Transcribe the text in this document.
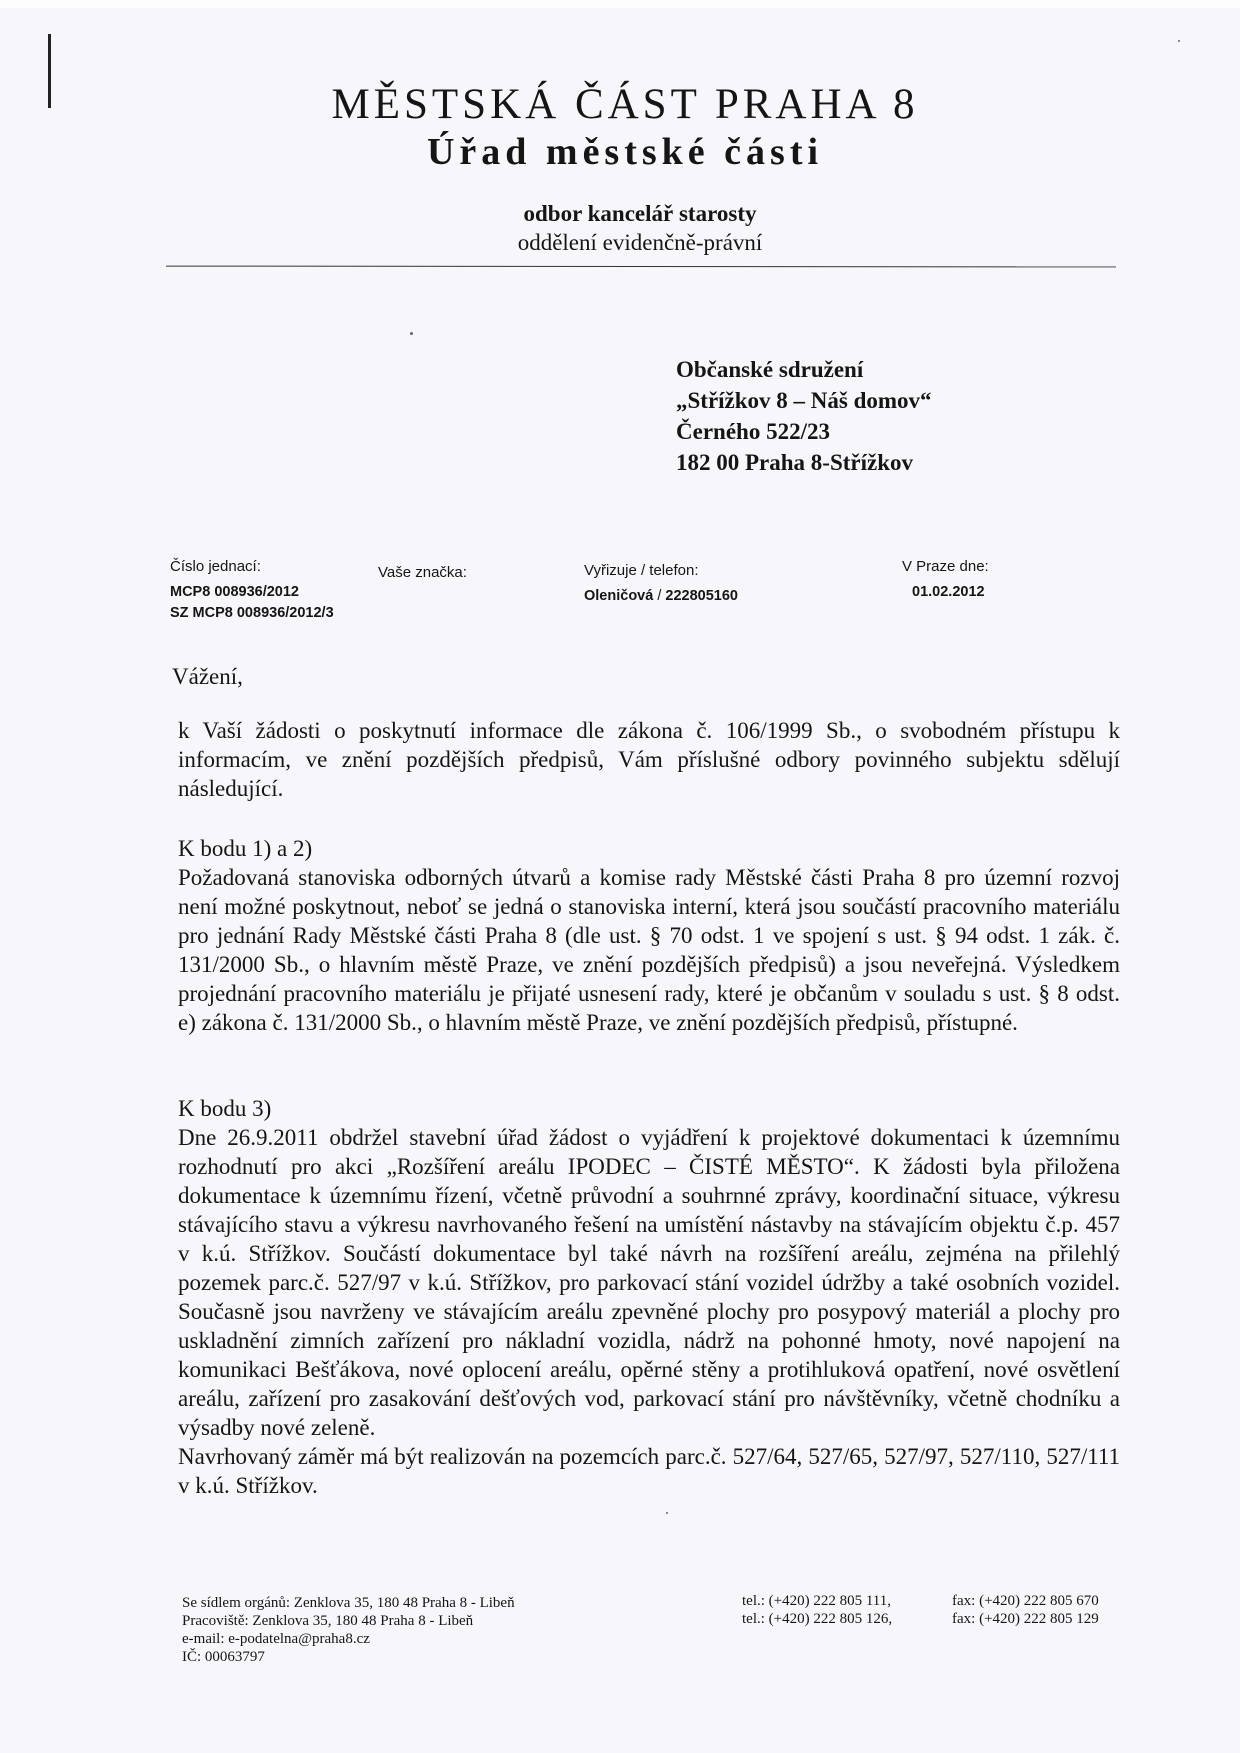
MĚSTSKÁ ČÁST PRAHA 8
Úřad městské části
odbor kancelář starosty
oddělení evidenčně-právní
Občanské sdružení
„Střížkov 8 – Náš domov“
Černého 522/23
182 00 Praha 8-Střížkov
Číslo jednací:
MCP8 008936/2012
SZ MCP8 008936/2012/3
Vaše značka:	Vyřizuje / telefon:
Oleničová / 222805160
V Praze dne:
01.02.2012
Vážení,

k Vaší žádosti o poskytnutí informace dle zákona č. 106/1999 Sb., o svobodném přístupu k informacím, ve znění pozdějších předpisů, Vám příslušné odbory povinného subjektu sdělují následující.

K bodu 1) a 2)

Požadovaná stanoviska odborných útvarů a komise rady Městské části Praha 8 pro územní rozvoj není možné poskytnout, neboť se jedná o stanoviska interní, která jsou součástí pracovního materiálu pro jednání Rady Městské části Praha 8 (dle ust. § 70 odst. 1 ve spojení s ust. § 94 odst. 1 zák. č. 131/2000 Sb., o hlavním městě Praze, ve znění pozdějších předpisů) a jsou neveřejná. Výsledkem projednání pracovního materiálu je přijaté usnesení rady, které je občanům v souladu s ust. § 8 odst. e) zákona č. 131/2000 Sb., o hlavním městě Praze, ve znění pozdějších předpisů, přístupné.

K bodu 3)

Dne 26.9.2011 obdržel stavební úřad žádost o vyjádření k projektové dokumentaci k územnímu rozhodnutí pro akci „Rozšíření areálu IPODEC – ČISTÉ MĚSTO“. K žádosti byla přiložena dokumentace k územnímu řízení, včetně průvodní a souhrnné zprávy, koordinační situace, výkresu stávajícího stavu a výkresu navrhovaného řešení na umístění nástavby na stávajícím objektu č.p. 457 v k.ú. Střížkov. Součástí dokumentace byl také návrh na rozšíření areálu, zejména na přilehlý pozemek parc.č. 527/97 v k.ú. Střížkov, pro parkovací stání vozidel údržby a také osobních vozidel. Současně jsou navrženy ve stávajícím areálu zpevněné plochy pro posypový materiál a plochy pro uskladnění zimních zařízení pro nákladní vozidla, nádrž na pohonné hmoty, nové napojení na komunikaci Bešťákova, nové oplocení areálu, opěrné stěny a protihluková opatření, nové osvětlení areálu, zařízení pro zasakování dešťových vod, parkovací stání pro návštěvníky, včetně chodníku a výsadby nové zeleně.

Navrhovaný záměr má být realizován na pozemcích parc.č. 527/64, 527/65, 527/97, 527/110, 527/111 v k.ú. Střížkov.

Se sídlem orgánů: Zenklova 35, 180 48 Praha 8 - Libeň
Pracoviště: Zenklova 35, 180 48 Praha 8 - Libeň
e-mail: e-podatelna@praha8.cz
IČ: 00063797
tel.: (+420) 222 805 111,
tel.: (+420) 222 805 126,
fax: (+420) 222 805 670
fax: (+420) 222 805 129
